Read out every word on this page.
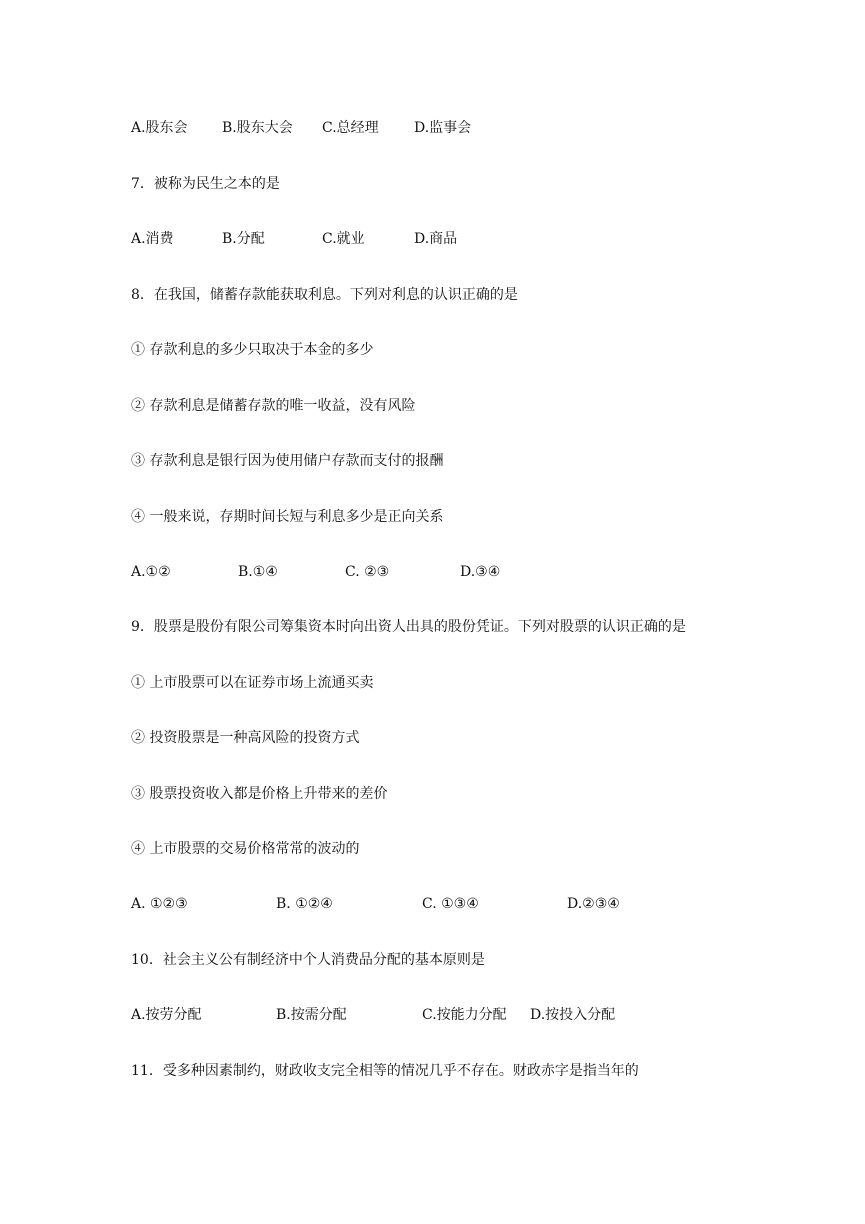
A.股东会 B.股东大会 C.总经理	D.监事会
7．被称为民生之本的是
A.消费	B.分配	C.就业	D.商品
8．在我国，储蓄存款能获取利息。下列对利息的认识正确的是
① 存款利息的多少只取决于本金的多少
② 存款利息是储蓄存款的唯一收益，没有风险
③ 存款利息是银行因为使用储户存款而支付的报酬
④ 一般来说，存期时间长短与利息多少是正向关系
A.①②	B.①④	C. ②③	D.③④
9．股票是股份有限公司筹集资本时向出资人出具的股份凭证。下列对股票的认识正确的是
① 上市股票可以在证券市场上流通买卖
② 投资股票是一种高风险的投资方式
③ 股票投资收入都是价格上升带来的差价
④ 上市股票的交易价格常常的波动的
A. ①②③	B. ①②④	C. ①③④	D.②③④
10．社会主义公有制经济中个人消费品分配的基本原则是
A.按劳分配	B.按需分配	C.按能力分配 D.按投入分配
11．受多种因素制约，财政收支完全相等的情况几乎不存在。财政赤字是指当年的
